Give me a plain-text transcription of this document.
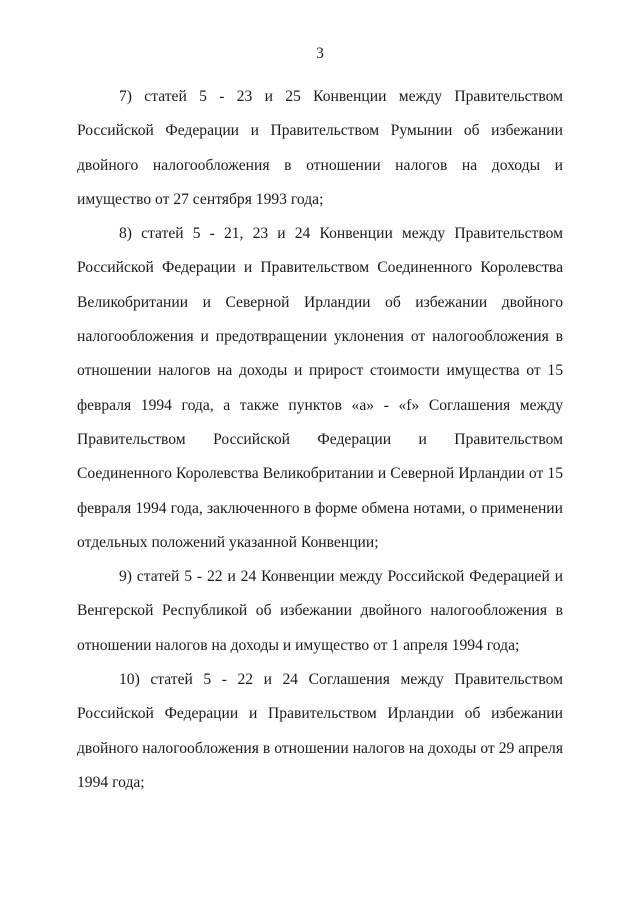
3

7) статей 5 - 23 и 25 Конвенции между Правительством Российской Федерации и Правительством Румынии об избежании двойного налогообложения в отношении налогов на доходы и имущество от 27 сентября 1993 года;

8) статей 5 - 21, 23 и 24 Конвенции между Правительством Российской Федерации и Правительством Соединенного Королевства Великобритании и Северной Ирландии об избежании двойного налогообложения и предотвращении уклонения от налогообложения в отношении налогов на доходы и прирост стоимости имущества от 15 февраля 1994 года, а также пунктов «а» - «f» Соглашения между Правительством Российской Федерации и Правительством Соединенного Королевства Великобритании и Северной Ирландии от 15 февраля 1994 года, заключенного в форме обмена нотами, о применении отдельных положений указанной Конвенции;

9) статей 5 - 22 и 24 Конвенции между Российской Федерацией и Венгерской Республикой об избежании двойного налогообложения в отношении налогов на доходы и имущество от 1 апреля 1994 года;

10) статей 5 - 22 и 24 Соглашения между Правительством Российской Федерации и Правительством Ирландии об избежании двойного налогообложения в отношении налогов на доходы от 29 апреля 1994 года;
